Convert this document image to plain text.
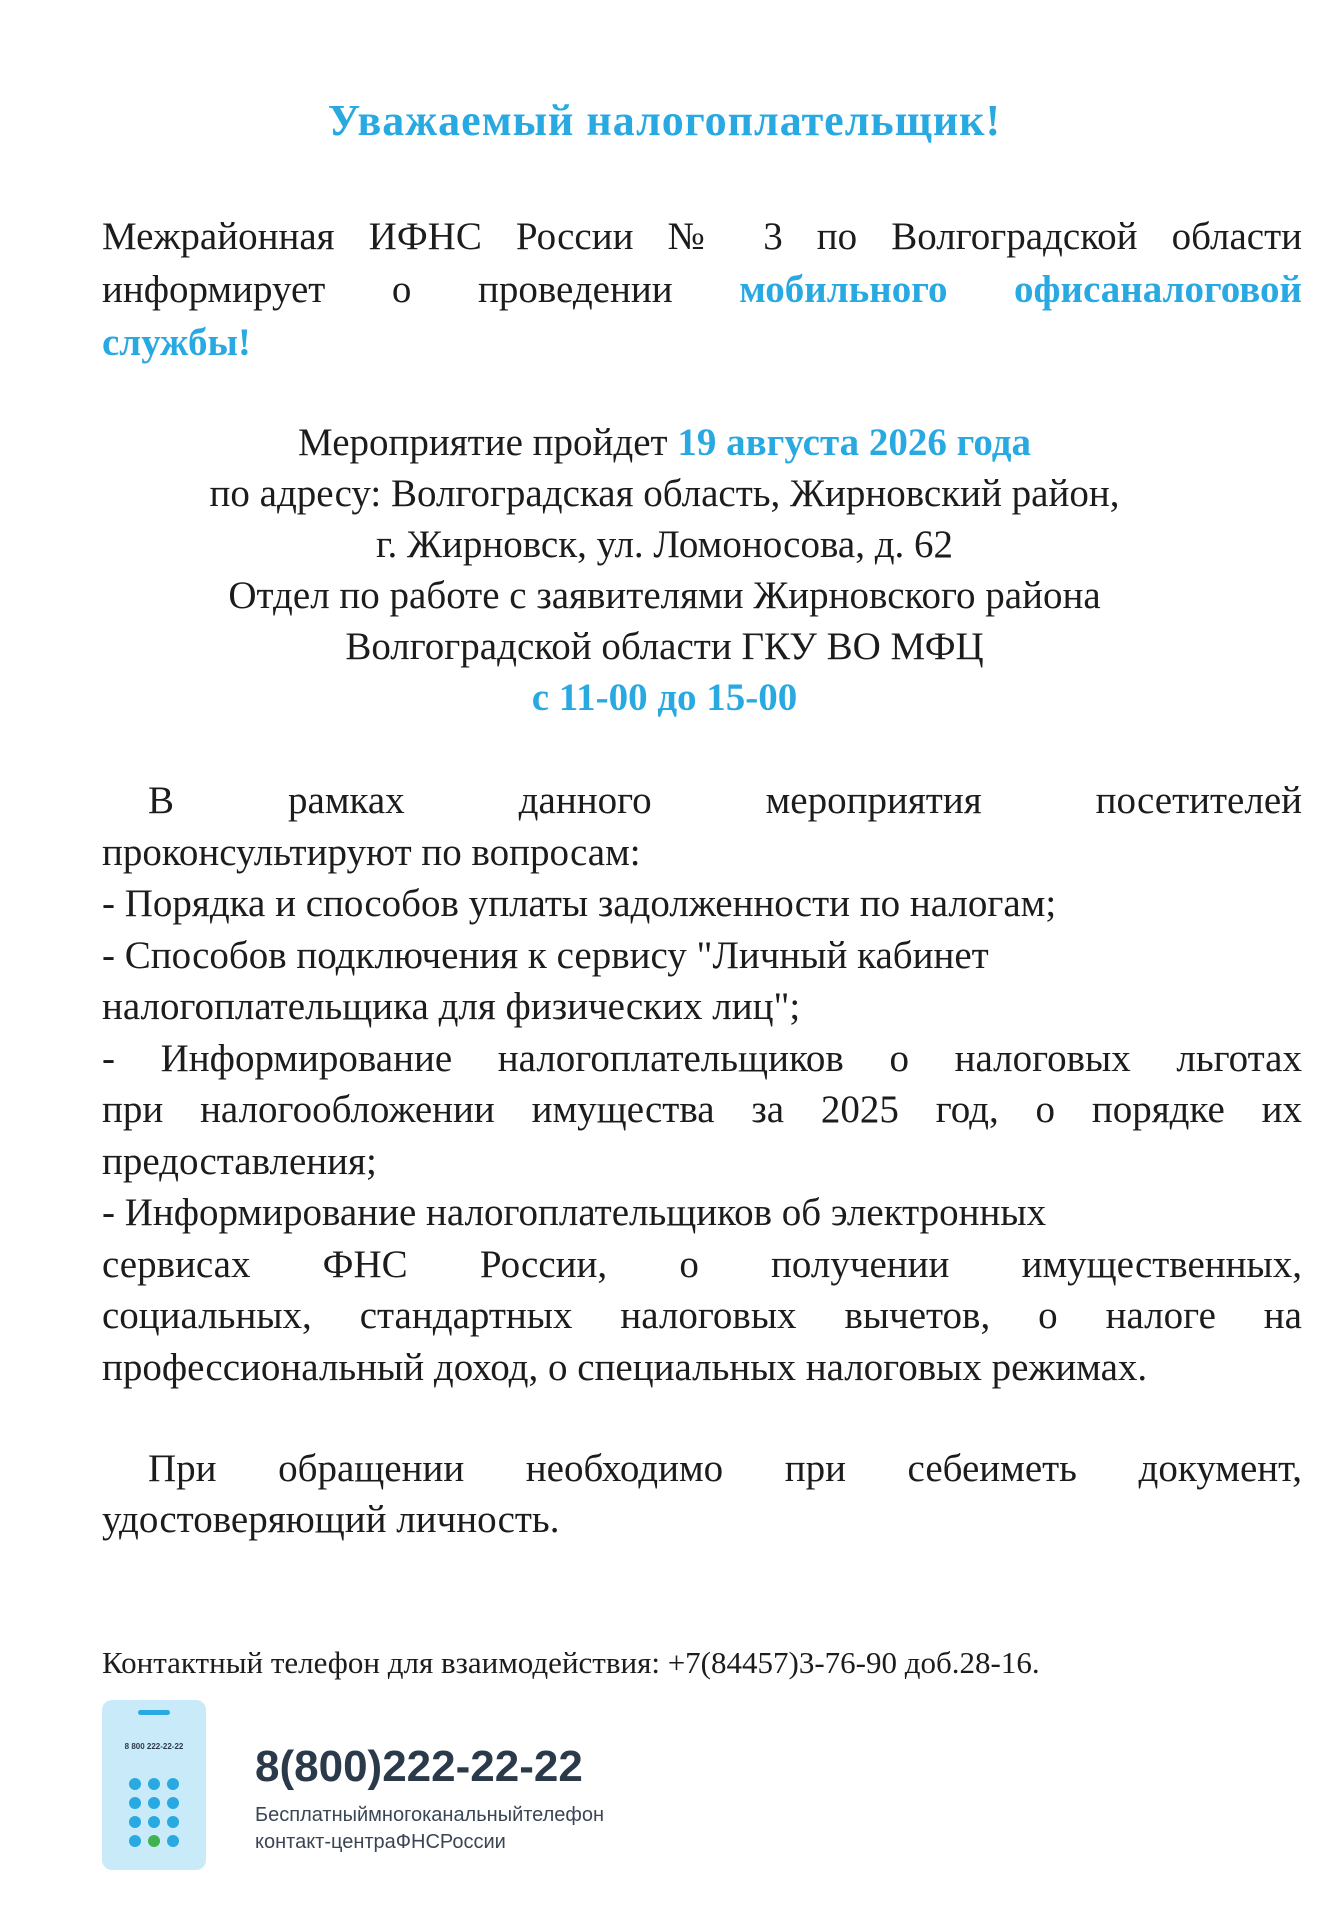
Уважаемый налогоплательщик!
Межрайонная ИФНС России № 3 по Волгоградской области
информирует о проведении мобильного офисаналоговой
службы!
Мероприятие пройдет 19 августа 2026 года
по адресу: Волгоградская область, Жирновский район,
г. Жирновск, ул. Ломоносова, д. 62
Отдел по работе с заявителями Жирновского района
Волгоградской области ГКУ ВО МФЦ
с 11-00 до 15-00
В рамках данного мероприятия посетителей
проконсультируют по вопросам:
- Порядка и способов уплаты задолженности по налогам;
- Способов подключения к сервису "Личный кабинет
налогоплательщика для физических лиц";
- Информирование налогоплательщиков о налоговых льготах
при налогообложении имущества за 2025 год, о порядке их
предоставления;
- Информирование налогоплательщиков об электронных
сервисах ФНС России, о получении имущественных,
социальных, стандартных налоговых вычетов, о налоге на
профессиональный доход, о специальных налоговых режимах.
При обращении необходимо при себеиметь документ,
удостоверяющий личность.
Контактный телефон для взаимодействия: +7(84457)3-76-90 доб.28-16.
8 800 222-22-22	8(800)222-22-22
Бесплатныймногоканальныйтелефон
контакт-центраФНСРоссии
